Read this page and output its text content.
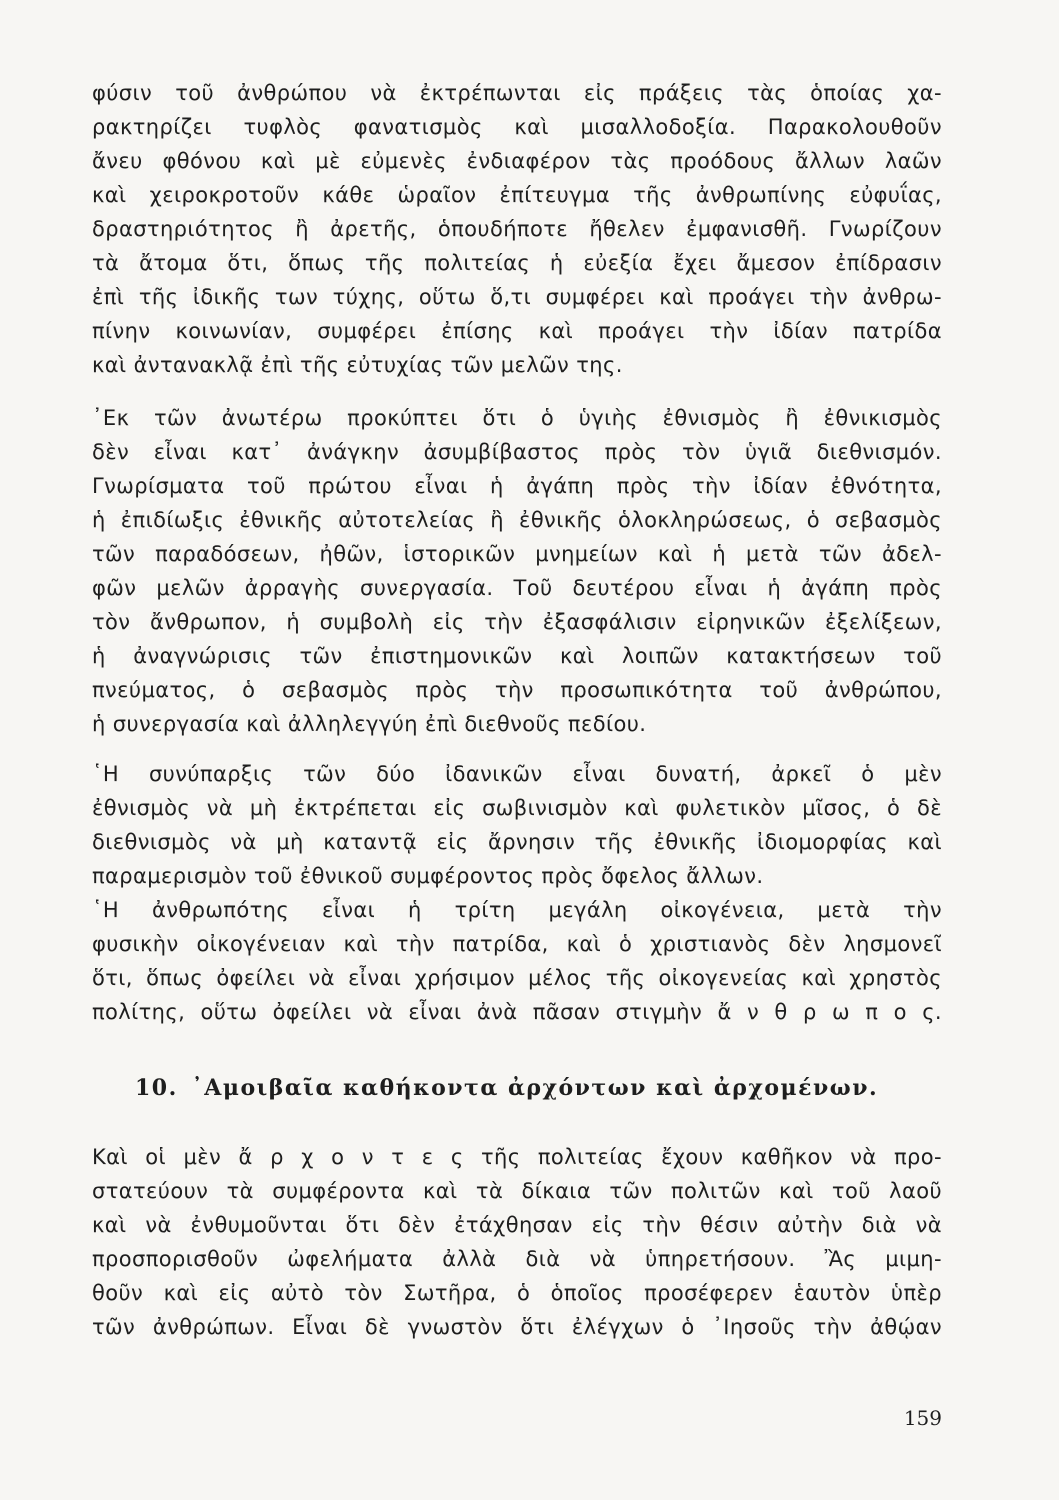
φύσιν τοῦ ἀνθρώπου νὰ ἐκτρέπωνται εἰς πράξεις τὰς ὁποίας χα-
ρακτηρίζει τυφλὸς φανατισμὸς καὶ μισαλλοδοξία. Παρακολουθοῦν
ἄνευ φθόνου καὶ μὲ εὐμενὲς ἐνδιαφέρον τὰς προόδους ἄλλων λαῶν
καὶ χειροκροτοῦν κάθε ὡραῖον ἐπίτευγμα τῆς ἀνθρωπίνης εὐφυΐας,
δραστηριότητος ἢ ἀρετῆς, ὁπουδήποτε ἤθελεν ἐμφανισθῆ. Γνωρίζουν
τὰ ἄτομα ὅτι, ὅπως τῆς πολιτείας ἡ εὐεξία ἔχει ἄμεσον ἐπίδρασιν
ἐπὶ τῆς ἰδικῆς των τύχης, οὕτω ὅ,τι συμφέρει καὶ προάγει τὴν ἀνθρω-
πίνην κοινωνίαν, συμφέρει ἐπίσης καὶ προάγει τὴν ἰδίαν πατρίδα
καὶ ἀντανακλᾷ ἐπὶ τῆς εὐτυχίας τῶν μελῶν της.
᾿Εκ τῶν ἀνωτέρω προκύπτει ὅτι ὁ ὑγιὴς ἐθνισμὸς ἢ ἐθνικισμὸς
δὲν εἶναι κατ᾿ ἀνάγκην ἀσυμβίβαστος πρὸς τὸν ὑγιᾶ διεθνισμόν.
Γνωρίσματα τοῦ πρώτου εἶναι ἡ ἀγάπη πρὸς τὴν ἰδίαν ἐθνότητα,
ἡ ἐπιδίωξις ἐθνικῆς αὐτοτελείας ἢ ἐθνικῆς ὁλοκληρώσεως, ὁ σεβασμὸς
τῶν παραδόσεων, ἠθῶν, ἱστορικῶν μνημείων καὶ ἡ μετὰ τῶν ἀδελ-
φῶν μελῶν ἀρραγὴς συνεργασία. Τοῦ δευτέρου εἶναι ἡ ἀγάπη πρὸς
τὸν ἄνθρωπον, ἡ συμβολὴ εἰς τὴν ἐξασφάλισιν εἰρηνικῶν ἐξελίξεων,
ἡ ἀναγνώρισις τῶν ἐπιστημονικῶν καὶ λοιπῶν κατακτήσεων τοῦ
πνεύματος, ὁ σεβασμὸς πρὸς τὴν προσωπικότητα τοῦ ἀνθρώπου,
ἡ συνεργασία καὶ ἀλληλεγγύη ἐπὶ διεθνοῦς πεδίου.
῾Η συνύπαρξις τῶν δύο ἰδανικῶν εἶναι δυνατή, ἀρκεῖ ὁ μὲν
ἐθνισμὸς νὰ μὴ ἐκτρέπεται εἰς σωβινισμὸν καὶ φυλετικὸν μῖσος, ὁ δὲ
διεθνισμὸς νὰ μὴ καταντᾷ εἰς ἄρνησιν τῆς ἐθνικῆς ἰδιομορφίας καὶ
παραμερισμὸν τοῦ ἐθνικοῦ συμφέροντος πρὸς ὄφελος ἄλλων.
῾Η ἀνθρωπότης εἶναι ἡ τρίτη μεγάλη οἰκογένεια, μετὰ τὴν
φυσικὴν οἰκογένειαν καὶ τὴν πατρίδα, καὶ ὁ χριστιανὸς δὲν λησμονεῖ
ὅτι, ὅπως ὀφείλει νὰ εἶναι χρήσιμον μέλος τῆς οἰκογενείας καὶ χρηστὸς
πολίτης, οὕτω ὀφείλει νὰ εἶναι ἀνὰ πᾶσαν στιγμὴν ἄ ν θ ρ ω π ο ς.
10. ᾿Αμοιβαῖα καθήκοντα ἀρχόντων καὶ ἀρχομένων.
Καὶ οἱ μὲν ἄ ρ χ ο ν τ ε ς τῆς πολιτείας ἔχουν καθῆκον νὰ προ-
στατεύουν τὰ συμφέροντα καὶ τὰ δίκαια τῶν πολιτῶν καὶ τοῦ λαοῦ
καὶ νὰ ἐνθυμοῦνται ὅτι δὲν ἐτάχθησαν εἰς τὴν θέσιν αὐτὴν διὰ νὰ
προσπορισθοῦν ὠφελήματα ἀλλὰ διὰ νὰ ὑπηρετήσουν. Ἂς μιμη-
θοῦν καὶ εἰς αὐτὸ τὸν Σωτῆρα, ὁ ὁποῖος προσέφερεν ἑαυτὸν ὑπὲρ
τῶν ἀνθρώπων. Εἶναι δὲ γνωστὸν ὅτι ἐλέγχων ὁ ᾿Ιησοῦς τὴν ἀθῴαν
159
